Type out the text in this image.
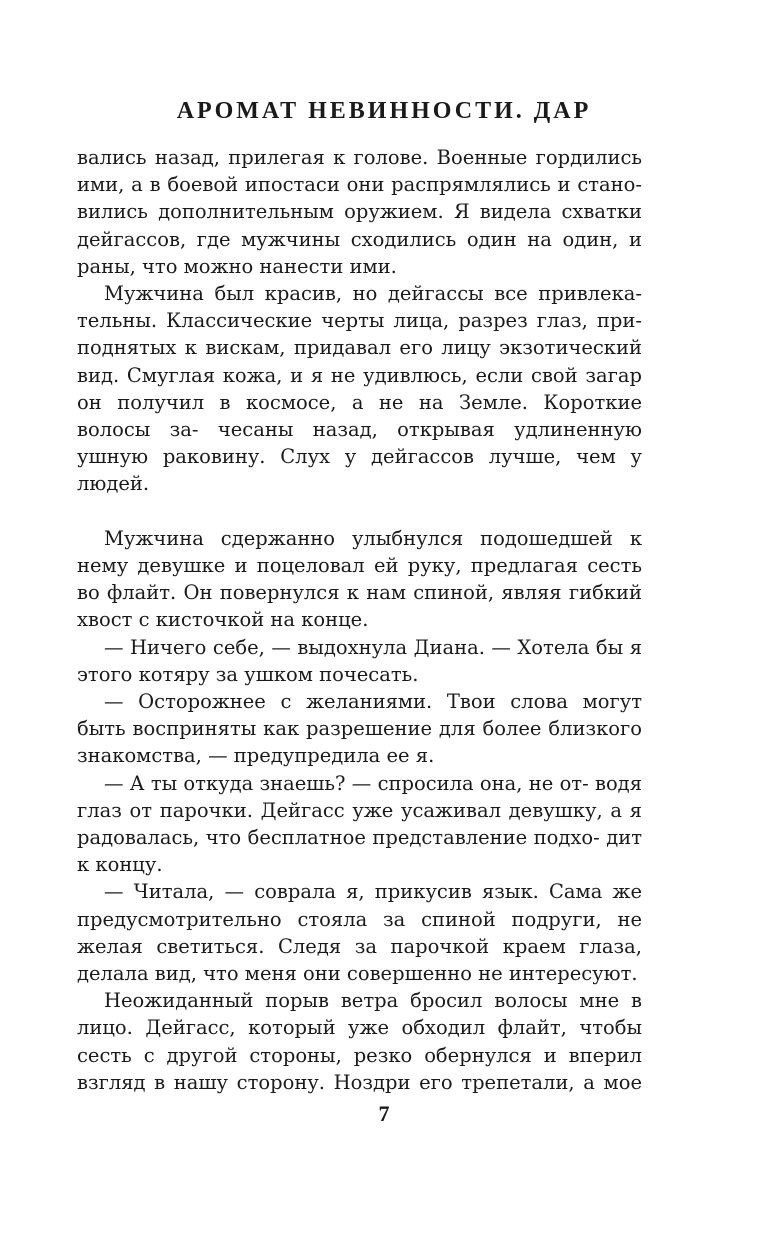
АРОМАТ НЕВИННОСТИ. ДАР

вались назад, прилегая к голове. Военные гордились ими, а в боевой ипостаси они распрямлялись и стано- вились дополнительным оружием. Я видела схватки дейгассов, где мужчины сходились один на один, и раны, что можно нанести ими.

Мужчина был красив, но дейгассы все привлека- тельны. Классические черты лица, разрез глаз, при- поднятых к вискам, придавал его лицу экзотический вид. Смуглая кожа, и я не удивлюсь, если свой загар он получил в космосе, а не на Земле. Короткие волосы за- чесаны назад, открывая удлиненную ушную раковину. Слух у дейгассов лучше, чем у людей.

Мужчина сдержанно улыбнулся подошедшей к нему девушке и поцеловал ей руку, предлагая сесть во флайт. Он повернулся к нам спиной, являя гибкий хвост с кисточкой на конце.

— Ничего себе, — выдохнула Диана. — Хотела бы я этого котяру за ушком почесать.

— Осторожнее с желаниями. Твои слова могут быть восприняты как разрешение для более близкого знакомства, — предупредила ее я.

— А ты откуда знаешь? — спросила она, не от- водя глаз от парочки. Дейгасс уже усаживал девушку, а я радовалась, что бесплатное представление подхо- дит к концу.

— Читала, — соврала я, прикусив язык. Сама же предусмотрительно стояла за спиной подруги, не желая светиться. Следя за парочкой краем глаза, делала вид, что меня они совершенно не интересуют.

Неожиданный порыв ветра бросил волосы мне в лицо. Дейгасс, который уже обходил флайт, чтобы сесть с другой стороны, резко обернулся и вперил взгляд в нашу сторону. Ноздри его трепетали, а мое

7
